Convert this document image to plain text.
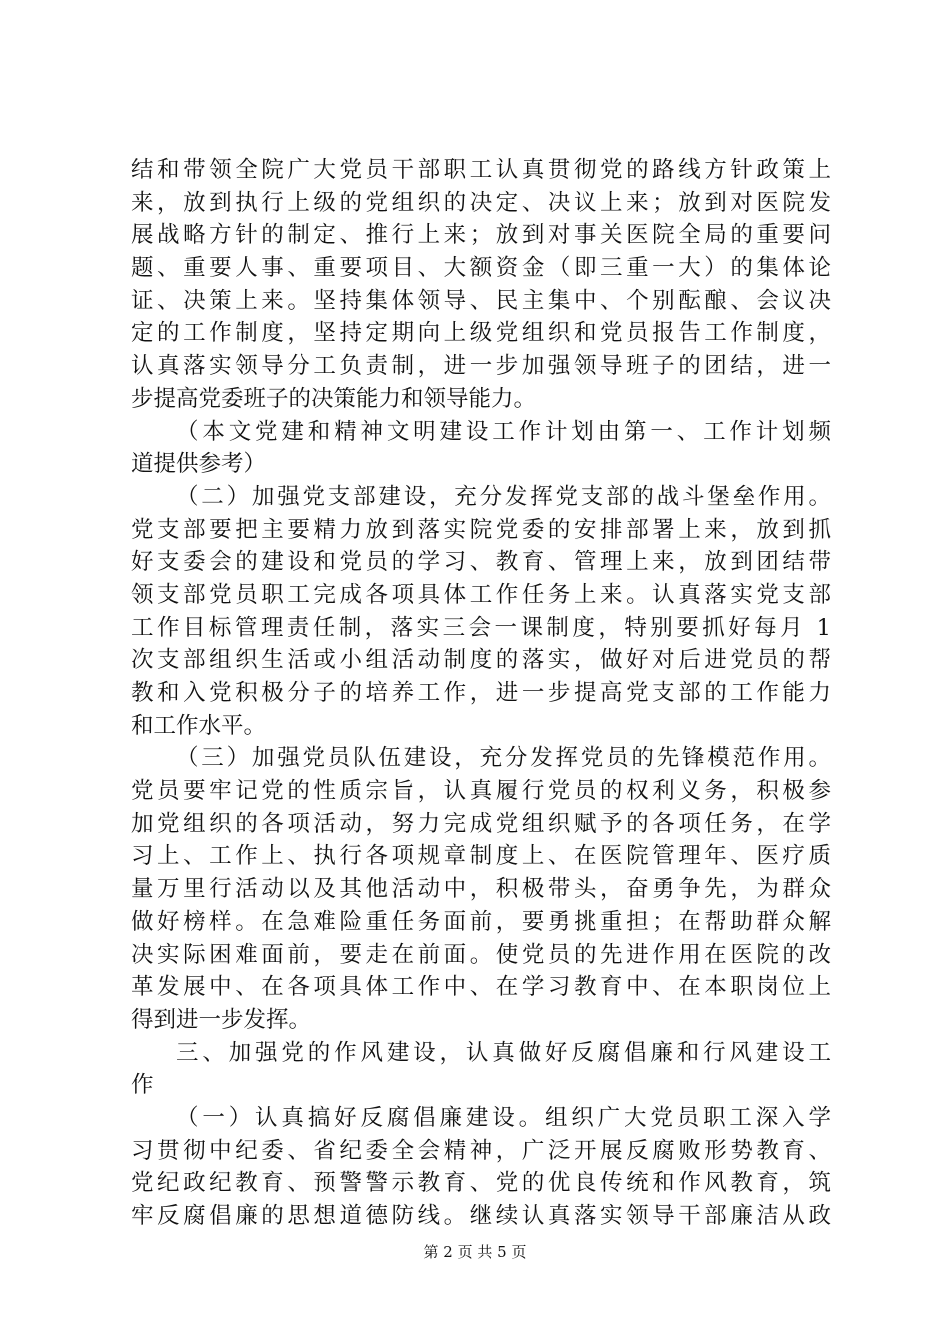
结和带领全院广大党员干部职工认真贯彻党的路线方针政策上
来，放到执行上级的党组织的决定、决议上来；放到对医院发
展战略方针的制定、推行上来；放到对事关医院全局的重要问
题、重要人事、重要项目、大额资金（即三重一大）的集体论
证、决策上来。坚持集体领导、民主集中、个别酝酿、会议决
定的工作制度，坚持定期向上级党组织和党员报告工作制度，
认真落实领导分工负责制，进一步加强领导班子的团结，进一
步提高党委班子的决策能力和领导能力。
（本文党建和精神文明建设工作计划由第一、工作计划频
道提供参考）
（二）加强党支部建设，充分发挥党支部的战斗堡垒作用。
党支部要把主要精力放到落实院党委的安排部署上来，放到抓
好支委会的建设和党员的学习、教育、管理上来，放到团结带
领支部党员职工完成各项具体工作任务上来。认真落实党支部
工作目标管理责任制，落实三会一课制度，特别要抓好每月 1
次支部组织生活或小组活动制度的落实，做好对后进党员的帮
教和入党积极分子的培养工作，进一步提高党支部的工作能力
和工作水平。
（三）加强党员队伍建设，充分发挥党员的先锋模范作用。
党员要牢记党的性质宗旨，认真履行党员的权利义务，积极参
加党组织的各项活动，努力完成党组织赋予的各项任务，在学
习上、工作上、执行各项规章制度上、在医院管理年、医疗质
量万里行活动以及其他活动中，积极带头，奋勇争先，为群众
做好榜样。在急难险重任务面前，要勇挑重担；在帮助群众解
决实际困难面前，要走在前面。使党员的先进作用在医院的改
革发展中、在各项具体工作中、在学习教育中、在本职岗位上
得到进一步发挥。
三、加强党的作风建设，认真做好反腐倡廉和行风建设工
作
（一）认真搞好反腐倡廉建设。组织广大党员职工深入学
习贯彻中纪委、省纪委全会精神，广泛开展反腐败形势教育、
党纪政纪教育、预警警示教育、党的优良传统和作风教育，筑
牢反腐倡廉的思想道德防线。继续认真落实领导干部廉洁从政
第 2 页 共 5 页
